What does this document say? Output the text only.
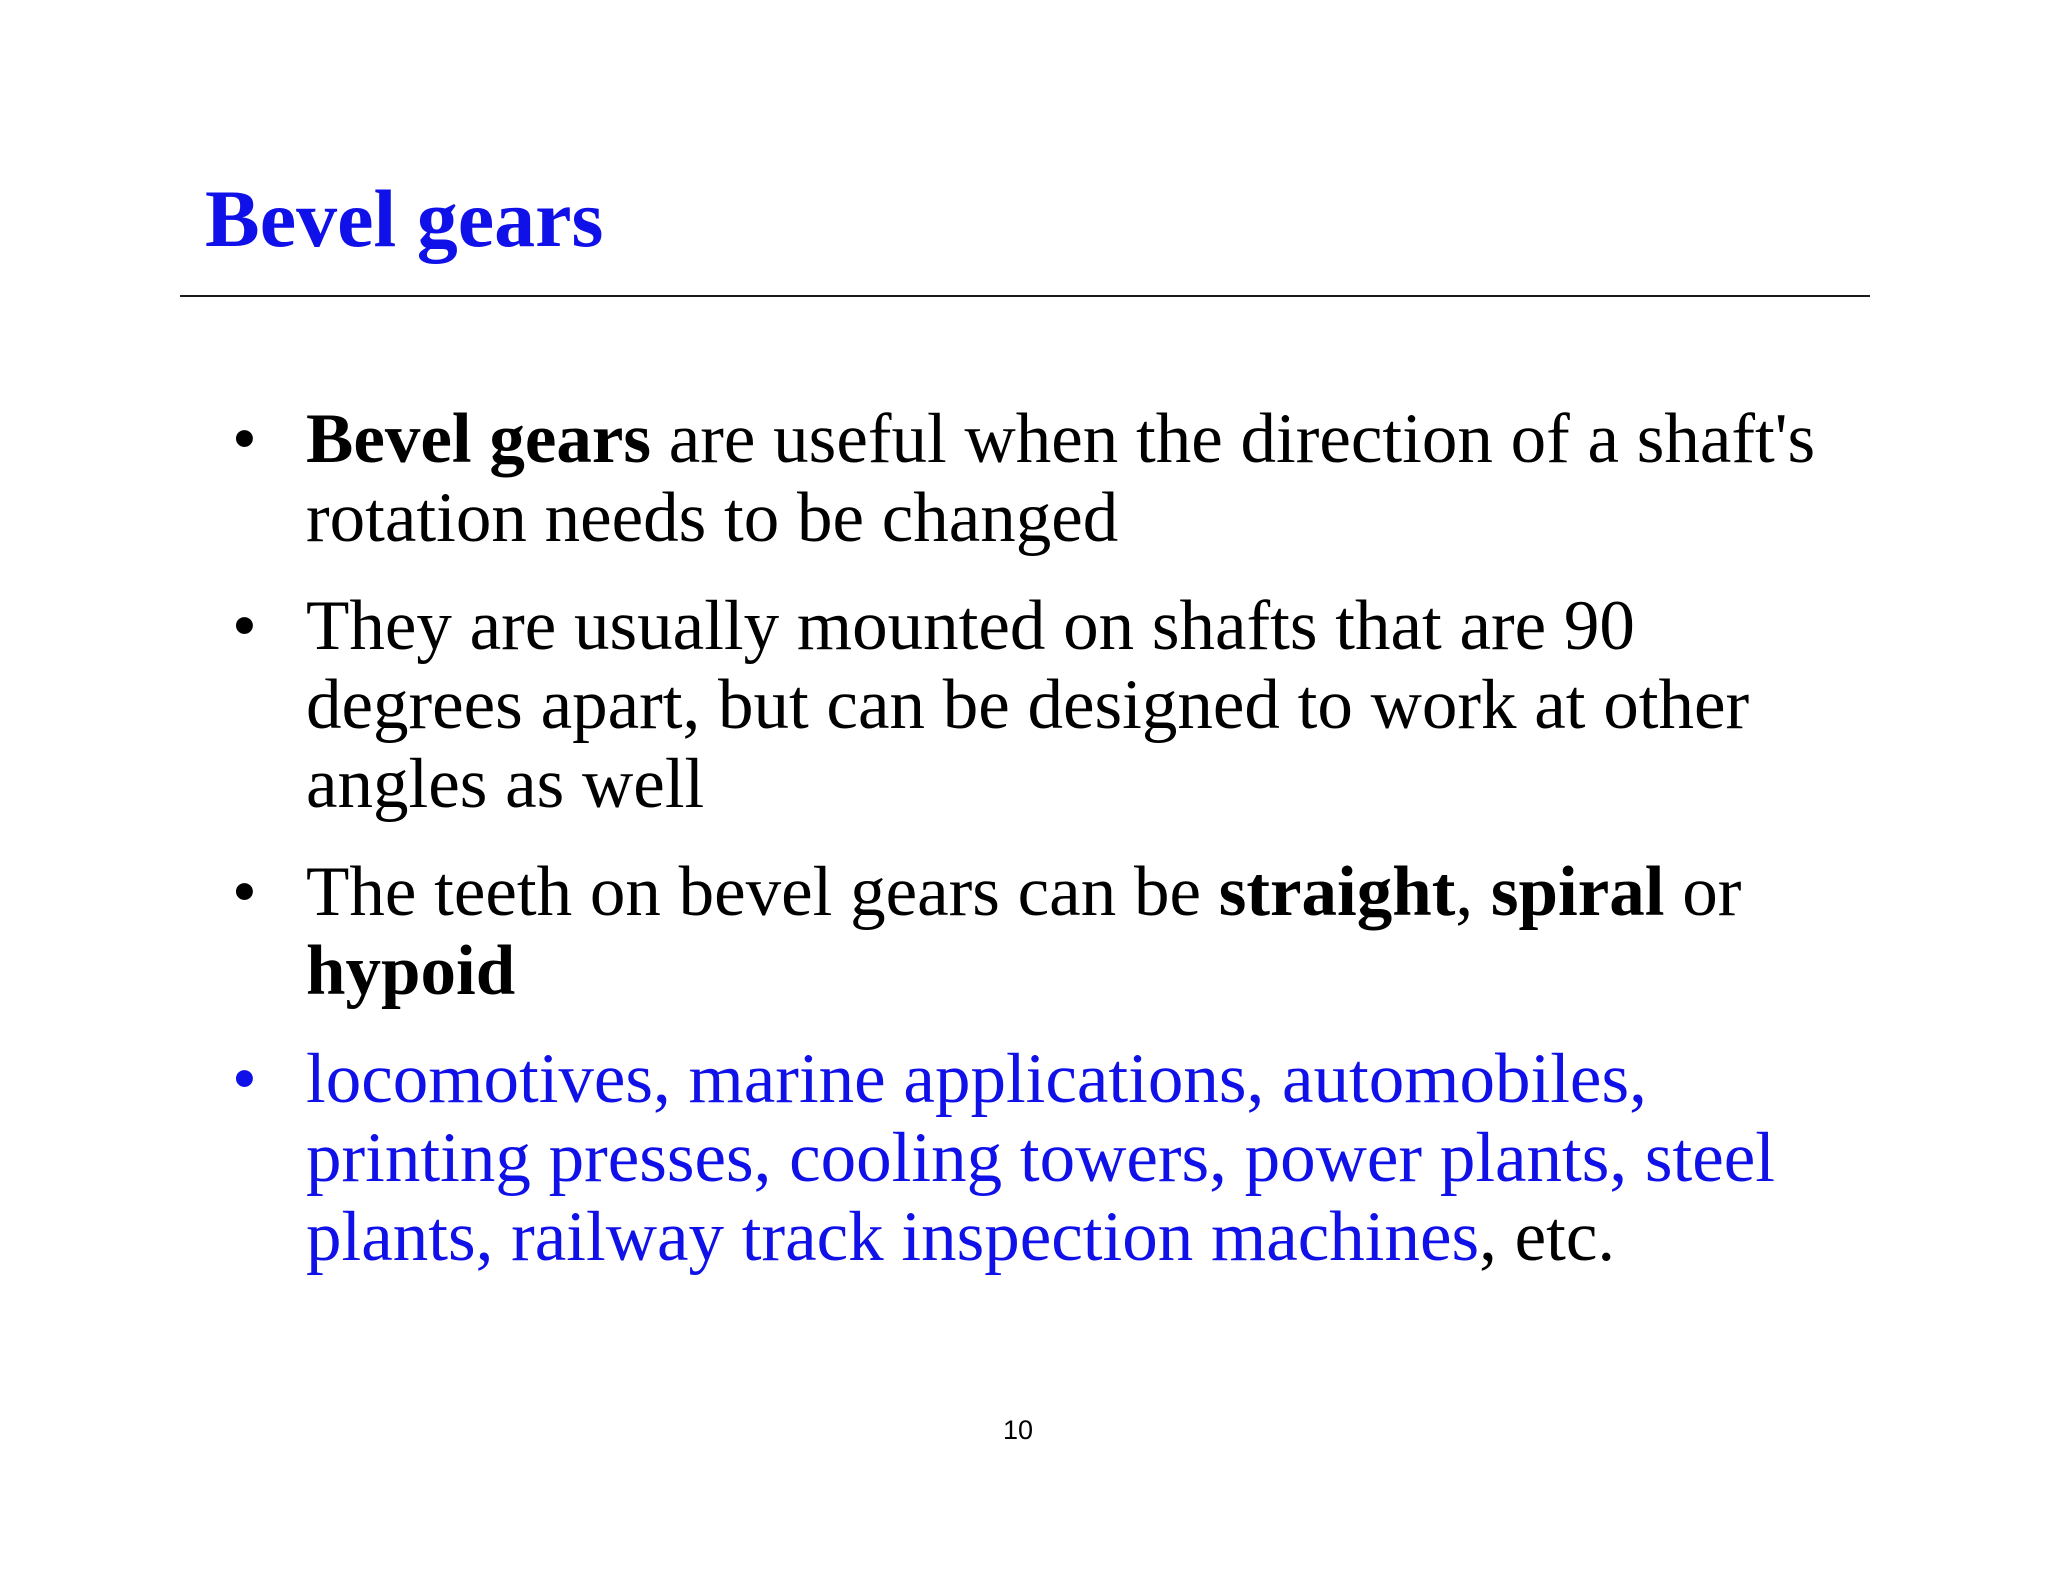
Bevel gears
• Bevel gears are useful when the direction of a shaft's rotation needs to be changed
• They are usually mounted on shafts that are 90 degrees apart, but can be designed to work at other angles as well
• The teeth on bevel gears can be straight, spiral or hypoid
• locomotives, marine applications, automobiles, printing presses, cooling towers, power plants, steel plants, railway track inspection machines, etc.
10
